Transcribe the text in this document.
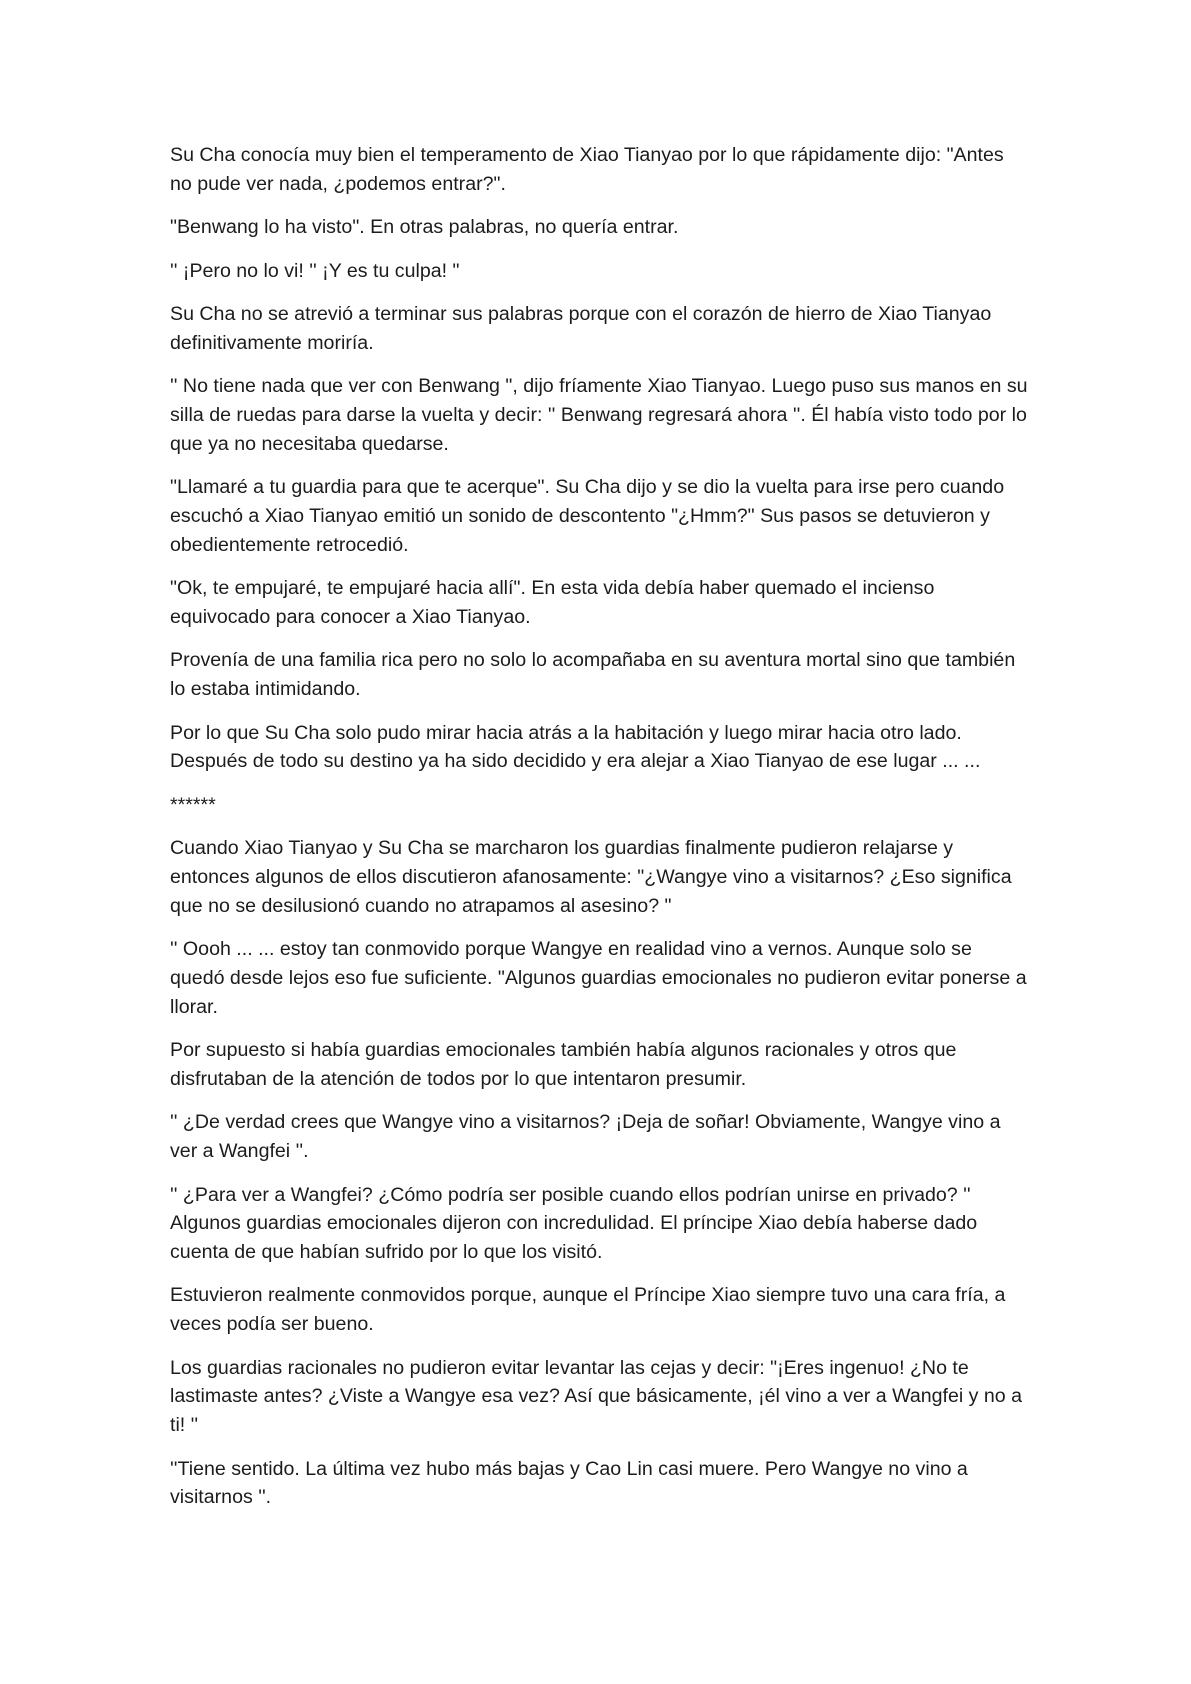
Su Cha conocía muy bien el temperamento de Xiao Tianyao por lo que rápidamente dijo: "Antes no pude ver nada, ¿podemos entrar?".

"Benwang lo ha visto". En otras palabras, no quería entrar.

'' ¡Pero no lo vi! '' ¡Y es tu culpa! "

Su Cha no se atrevió a terminar sus palabras porque con el corazón de hierro de Xiao Tianyao definitivamente moriría.

'' No tiene nada que ver con Benwang ", dijo fríamente Xiao Tianyao. Luego puso sus manos en su silla de ruedas para darse la vuelta y decir: '' Benwang regresará ahora ''. Él había visto todo por lo que ya no necesitaba quedarse.

"Llamaré a tu guardia para que te acerque". Su Cha dijo y se dio la vuelta para irse pero cuando escuchó a Xiao Tianyao emitió un sonido de descontento "¿Hmm?" Sus pasos se detuvieron y obedientemente retrocedió.

"Ok, te empujaré, te empujaré hacia allí". En esta vida debía haber quemado el incienso equivocado para conocer a Xiao Tianyao.

Provenía de una familia rica pero no solo lo acompañaba en su aventura mortal sino que también lo estaba intimidando.

Por lo que Su Cha solo pudo mirar hacia atrás a la habitación y luego mirar hacia otro lado. Después de todo su destino ya ha sido decidido y era alejar a Xiao Tianyao de ese lugar ... ...

******

Cuando Xiao Tianyao y Su Cha se marcharon los guardias finalmente pudieron relajarse y entonces algunos de ellos discutieron afanosamente: "¿Wangye vino a visitarnos? ¿Eso significa que no se desilusionó cuando no atrapamos al asesino? "

'' Oooh ... ... estoy tan conmovido porque Wangye en realidad vino a vernos. Aunque solo se quedó desde lejos eso fue suficiente. "Algunos guardias emocionales no pudieron evitar ponerse a llorar.

Por supuesto si había guardias emocionales también había algunos racionales y otros que disfrutaban de la atención de todos por lo que intentaron presumir.

'' ¿De verdad crees que Wangye vino a visitarnos? ¡Deja de soñar! Obviamente, Wangye vino a ver a Wangfei ''.

'' ¿Para ver a Wangfei? ¿Cómo podría ser posible cuando ellos podrían unirse en privado? '' Algunos guardias emocionales dijeron con incredulidad. El príncipe Xiao debía haberse dado cuenta de que habían sufrido por lo que los visitó.

Estuvieron realmente conmovidos porque, aunque el Príncipe Xiao siempre tuvo una cara fría, a veces podía ser bueno.

Los guardias racionales no pudieron evitar levantar las cejas y decir: "¡Eres ingenuo! ¿No te lastimaste antes? ¿Viste a Wangye esa vez? Así que básicamente, ¡él vino a ver a Wangfei y no a ti! ''

''Tiene sentido. La última vez hubo más bajas y Cao Lin casi muere. Pero Wangye no vino a visitarnos ''.
